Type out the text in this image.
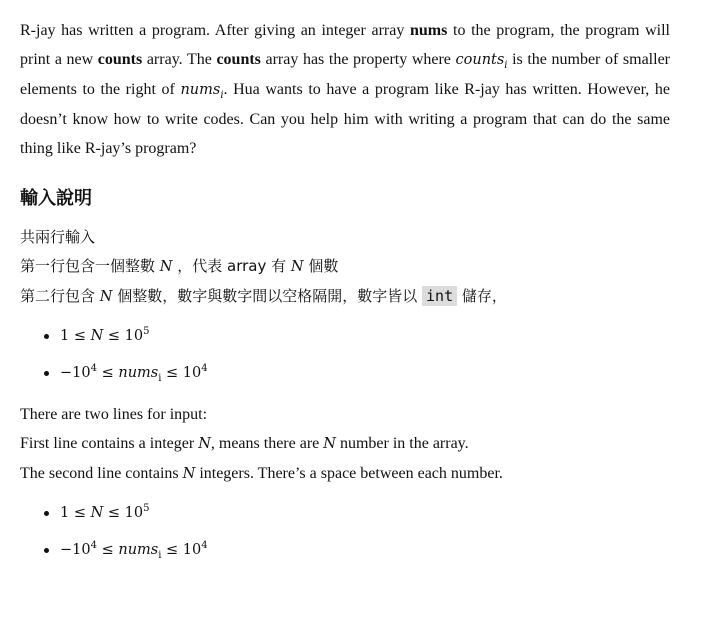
R-jay has written a program. After giving an integer array nums to the program, the program will print a new counts array. The counts array has the property where counts$_i$ is the number of smaller elements to the right of nums$_i$. Hua wants to have a program like R-jay has written. However, he doesn’t know how to write codes. Can you help him with writing a program that can do the same thing like R-jay’s program?

輸入說明

共兩行輸入

第一行包含一個整數 N ，代表 array 有 N 個數

第二行包含 N 個整數，數字與數字間以空格隔開，數字皆以 int 儲存，

$1 \le N \le 10^5$
$-10^4$ ≤ nums$_i$ ≤ $10^4$

There are two lines for input:

First line contains a integer N, means there are N number in the array.

The second line contains N integers. There’s a space between each number.

$1 \le N \le 10^5$
$-10^4$ ≤ nums$_i$ ≤ $10^4$
